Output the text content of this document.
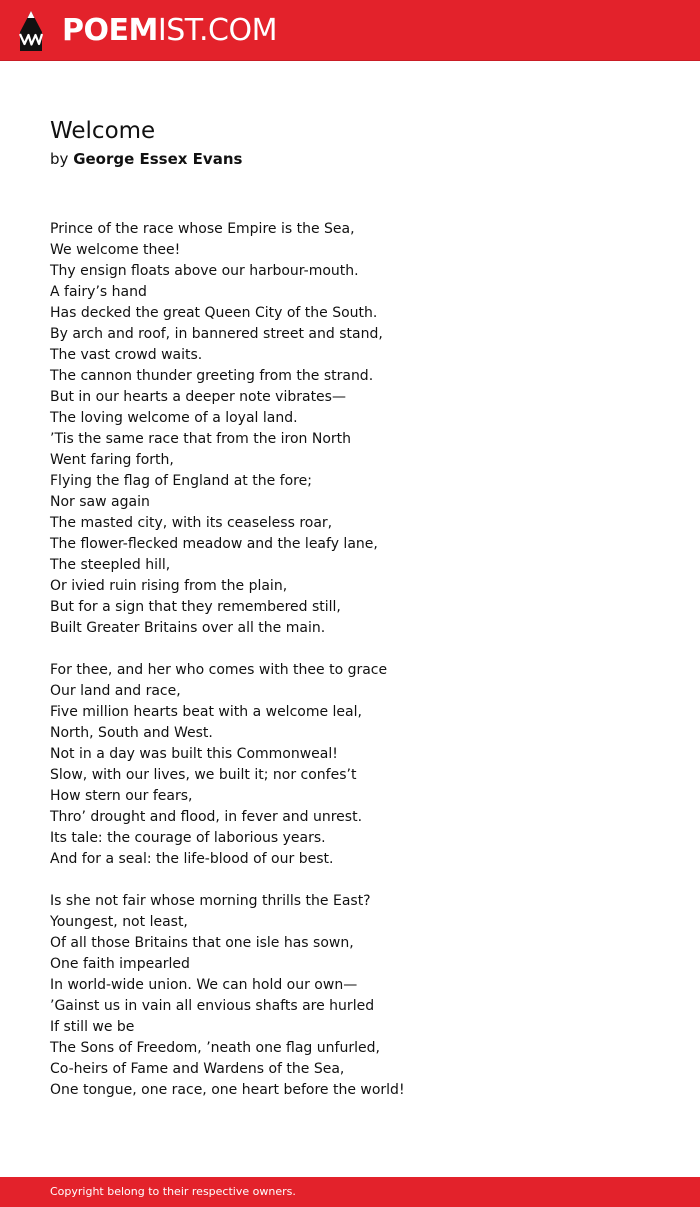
POEMIST.COM
Welcome
by George Essex Evans
Prince of the race whose Empire is the Sea,
We welcome thee!
Thy ensign floats above our harbour-mouth.
A fairy’s hand
Has decked the great Queen City of the South.
By arch and roof, in bannered street and stand,
The vast crowd waits.
The cannon thunder greeting from the strand.
But in our hearts a deeper note vibrates—
The loving welcome of a loyal land.
’Tis the same race that from the iron North
Went faring forth,
Flying the flag of England at the fore;
Nor saw again
The masted city, with its ceaseless roar,
The flower-flecked meadow and the leafy lane,
The steepled hill,
Or ivied ruin rising from the plain,
But for a sign that they remembered still,
Built Greater Britains over all the main.
For thee, and her who comes with thee to grace
Our land and race,
Five million hearts beat with a welcome leal,
North, South and West.
Not in a day was built this Commonweal!
Slow, with our lives, we built it; nor confes’t
How stern our fears,
Thro’ drought and flood, in fever and unrest.
Its tale: the courage of laborious years.
And for a seal: the life-blood of our best.
Is she not fair whose morning thrills the East?
Youngest, not least,
Of all those Britains that one isle has sown,
One faith impearled
In world-wide union. We can hold our own—
’Gainst us in vain all envious shafts are hurled
If still we be
The Sons of Freedom, ’neath one flag unfurled,
Co-heirs of Fame and Wardens of the Sea,
One tongue, one race, one heart before the world!
Copyright belong to their respective owners.
